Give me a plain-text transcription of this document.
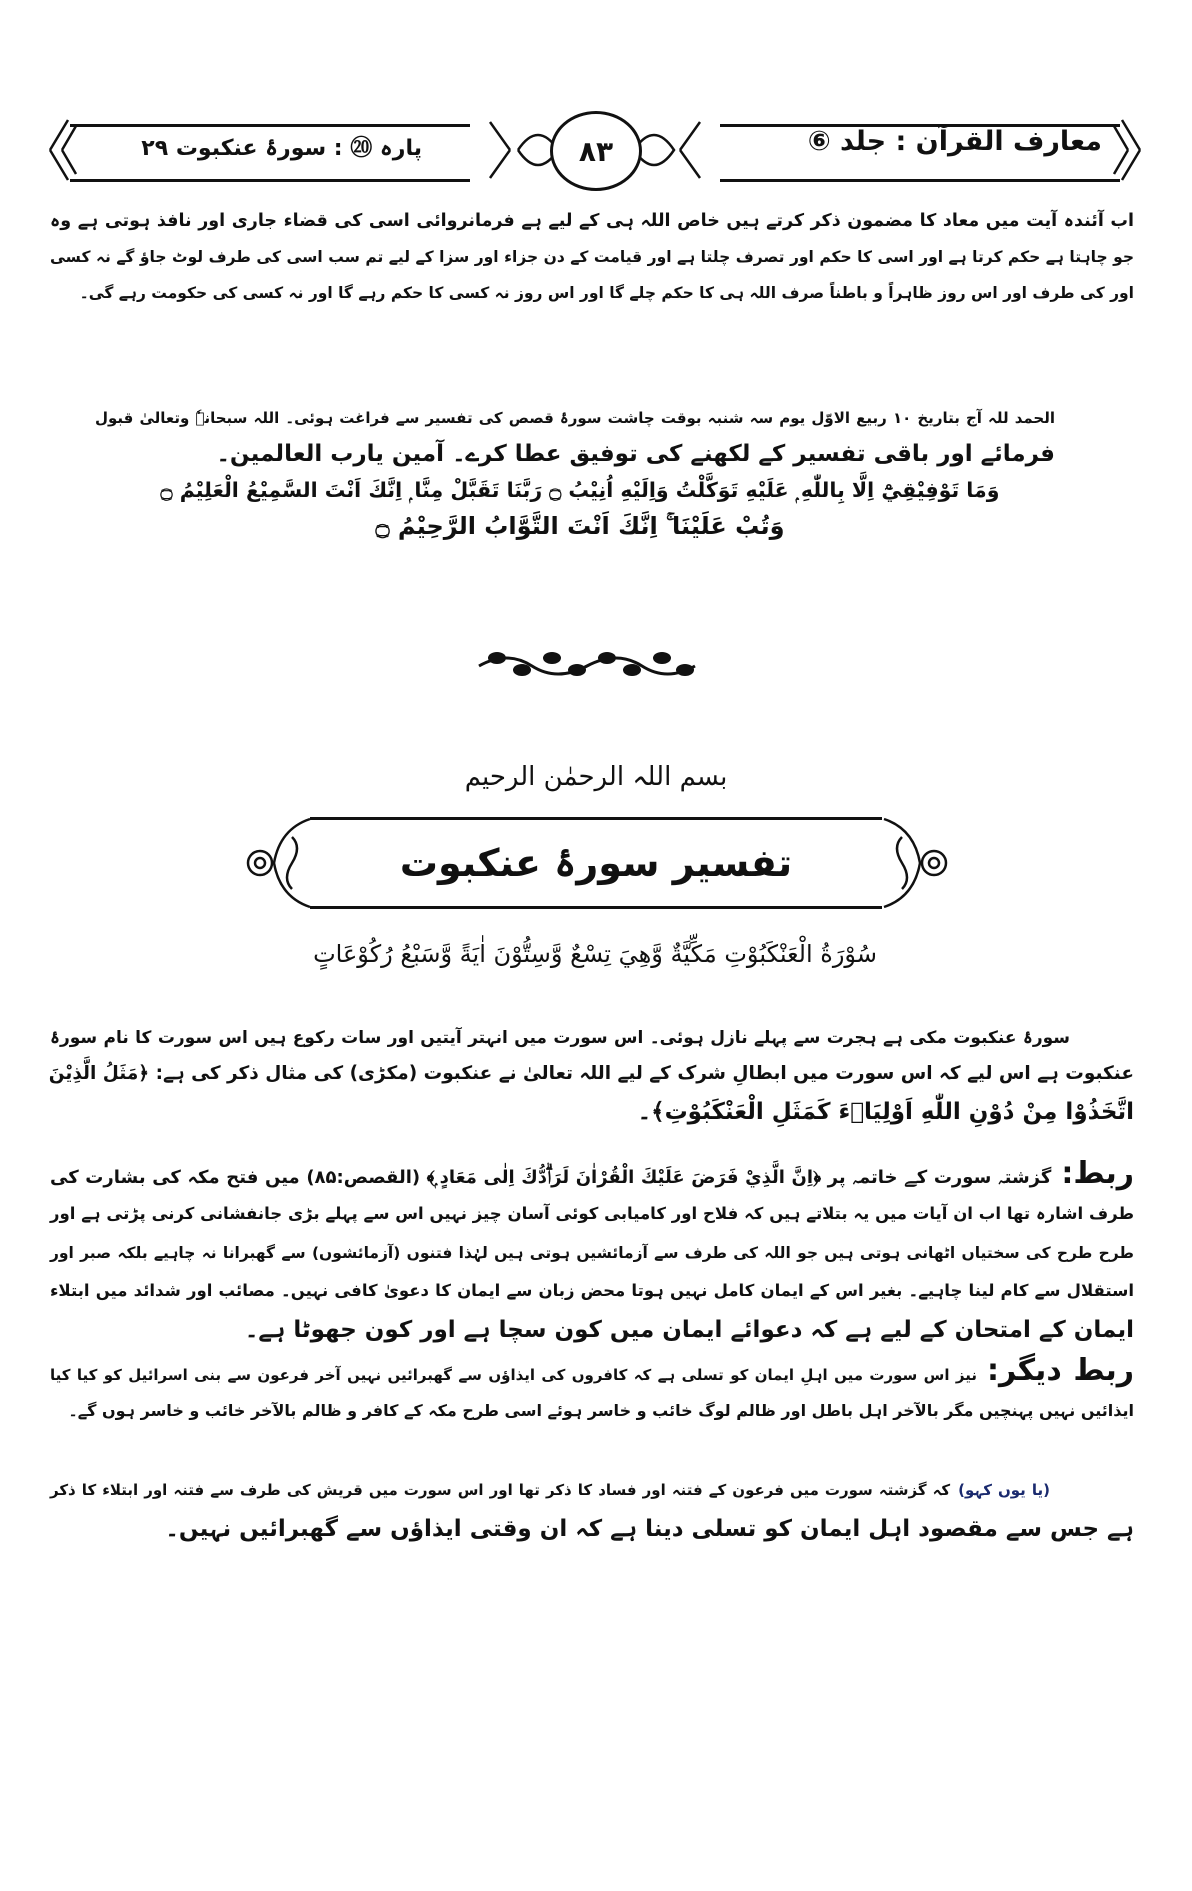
معارف القرآن : جلد ⑥
۸۳
پارہ ⑳ : سورۂ عنکبوت ۲۹
اب آئندہ آیت میں معاد کا مضمون ذکر کرتے ہیں خاص اللہ ہی کے لیے ہے فرمانروائی اسی کی قضاء جاری اور نافذ ہوتی ہے وہ
جو چاہتا ہے حکم کرتا ہے اور اسی کا حکم اور تصرف چلتا ہے اور قیامت کے دن جزاء اور سزا کے لیے تم سب اسی کی طرف لوٹ جاؤ گے نہ کسی
اور کی طرف اور اس روز ظاہراً و باطناً صرف اللہ ہی کا حکم چلے گا اور اس روز نہ کسی کا حکم رہے گا اور نہ کسی کی حکومت رہے گی۔
الحمد للہ آج بتاریخ ۱۰ ربیع الاوّل یوم سہ شنبہ بوقت چاشت سورۂ قصص کی تفسیر سے فراغت ہوئی۔ اللہ سبحانہٗ وتعالیٰ قبول
فرمائے اور باقی تفسیر کے لکھنے کی توفیق عطا کرے۔ آمین یارب العالمین۔
وَمَا تَوْفِيْقِيْٓ اِلَّا بِاللّٰهِ ۭ عَلَيْهِ تَوَكَّلْتُ وَاِلَيْهِ اُنِيْبُ ۝ رَبَّنَا تَقَبَّلْ مِنَّا ۭ اِنَّكَ اَنْتَ السَّمِيْعُ الْعَلِيْمُ ۝
وَتُبْ عَلَيْنَا ۚ اِنَّكَ اَنْتَ التَّوَّابُ الرَّحِيْمُ ۝
بسم اللہ الرحمٰن الرحیم
تفسیر سورۂ عنکبوت
سُوْرَةُ الْعَنْكَبُوْتِ مَكِّيَّةٌ وَّهِيَ تِسْعٌ وَّسِتُّوْنَ اٰيَةً وَّسَبْعُ رُكُوْعَاتٍ
سورۂ عنکبوت مکی ہے ہجرت سے پہلے نازل ہوئی۔ اس سورت میں انہتر آیتیں اور سات رکوع ہیں اس سورت کا نام سورۂ
عنکبوت ہے اس لیے کہ اس سورت میں ابطالِ شرک کے لیے اللہ تعالیٰ نے عنکبوت (مکڑی) کی مثال ذکر کی ہے: ﴿مَثَلُ الَّذِيْنَ
اتَّخَذُوْا مِنْ دُوْنِ اللّٰهِ اَوْلِيَاۗءَ كَمَثَلِ الْعَنْكَبُوْتِ﴾۔
ربط:گزشتہ سورت کے خاتمہ پر ﴿اِنَّ الَّذِيْ فَرَضَ عَلَيْكَ الْقُرْاٰنَ لَرَاۗدُّكَ اِلٰى مَعَادٍ ۭ﴾ (القصص:۸۵) میں فتح مکہ کی بشارت کی
طرف اشارہ تھا اب ان آیات میں یہ بتلاتے ہیں کہ فلاح اور کامیابی کوئی آسان چیز نہیں اس سے پہلے بڑی جانفشانی کرنی پڑتی ہے اور
طرح طرح کی سختیاں اٹھانی ہوتی ہیں جو اللہ کی طرف سے آزمائشیں ہوتی ہیں لہٰذا فتنوں (آزمائشوں) سے گھبرانا نہ چاہیے بلکہ صبر اور
استقلال سے کام لینا چاہیے۔ بغیر اس کے ایمان کامل نہیں ہوتا محض زبان سے ایمان کا دعویٰ کافی نہیں۔ مصائب اور شدائد میں ابتلاء
ایمان کے امتحان کے لیے ہے کہ دعوائے ایمان میں کون سچا ہے اور کون جھوٹا ہے۔
ربط دیگر:نیز اس سورت میں اہلِ ایمان کو تسلی ہے کہ کافروں کی ایذاؤں سے گھبرائیں نہیں آخر فرعون سے بنی اسرائیل کو کیا کیا
ایذائیں نہیں پہنچیں مگر بالآخر اہل باطل اور ظالم لوگ خائب و خاسر ہوئے اسی طرح مکہ کے کافر و ظالم بالآخر خائب و خاسر ہوں گے۔
(یا یوں کہو)کہ گزشتہ سورت میں فرعون کے فتنہ اور فساد کا ذکر تھا اور اس سورت میں قریش کی طرف سے فتنہ اور ابتلاء کا ذکر
ہے جس سے مقصود اہل ایمان کو تسلی دینا ہے کہ ان وقتی ایذاؤں سے گھبرائیں نہیں۔
